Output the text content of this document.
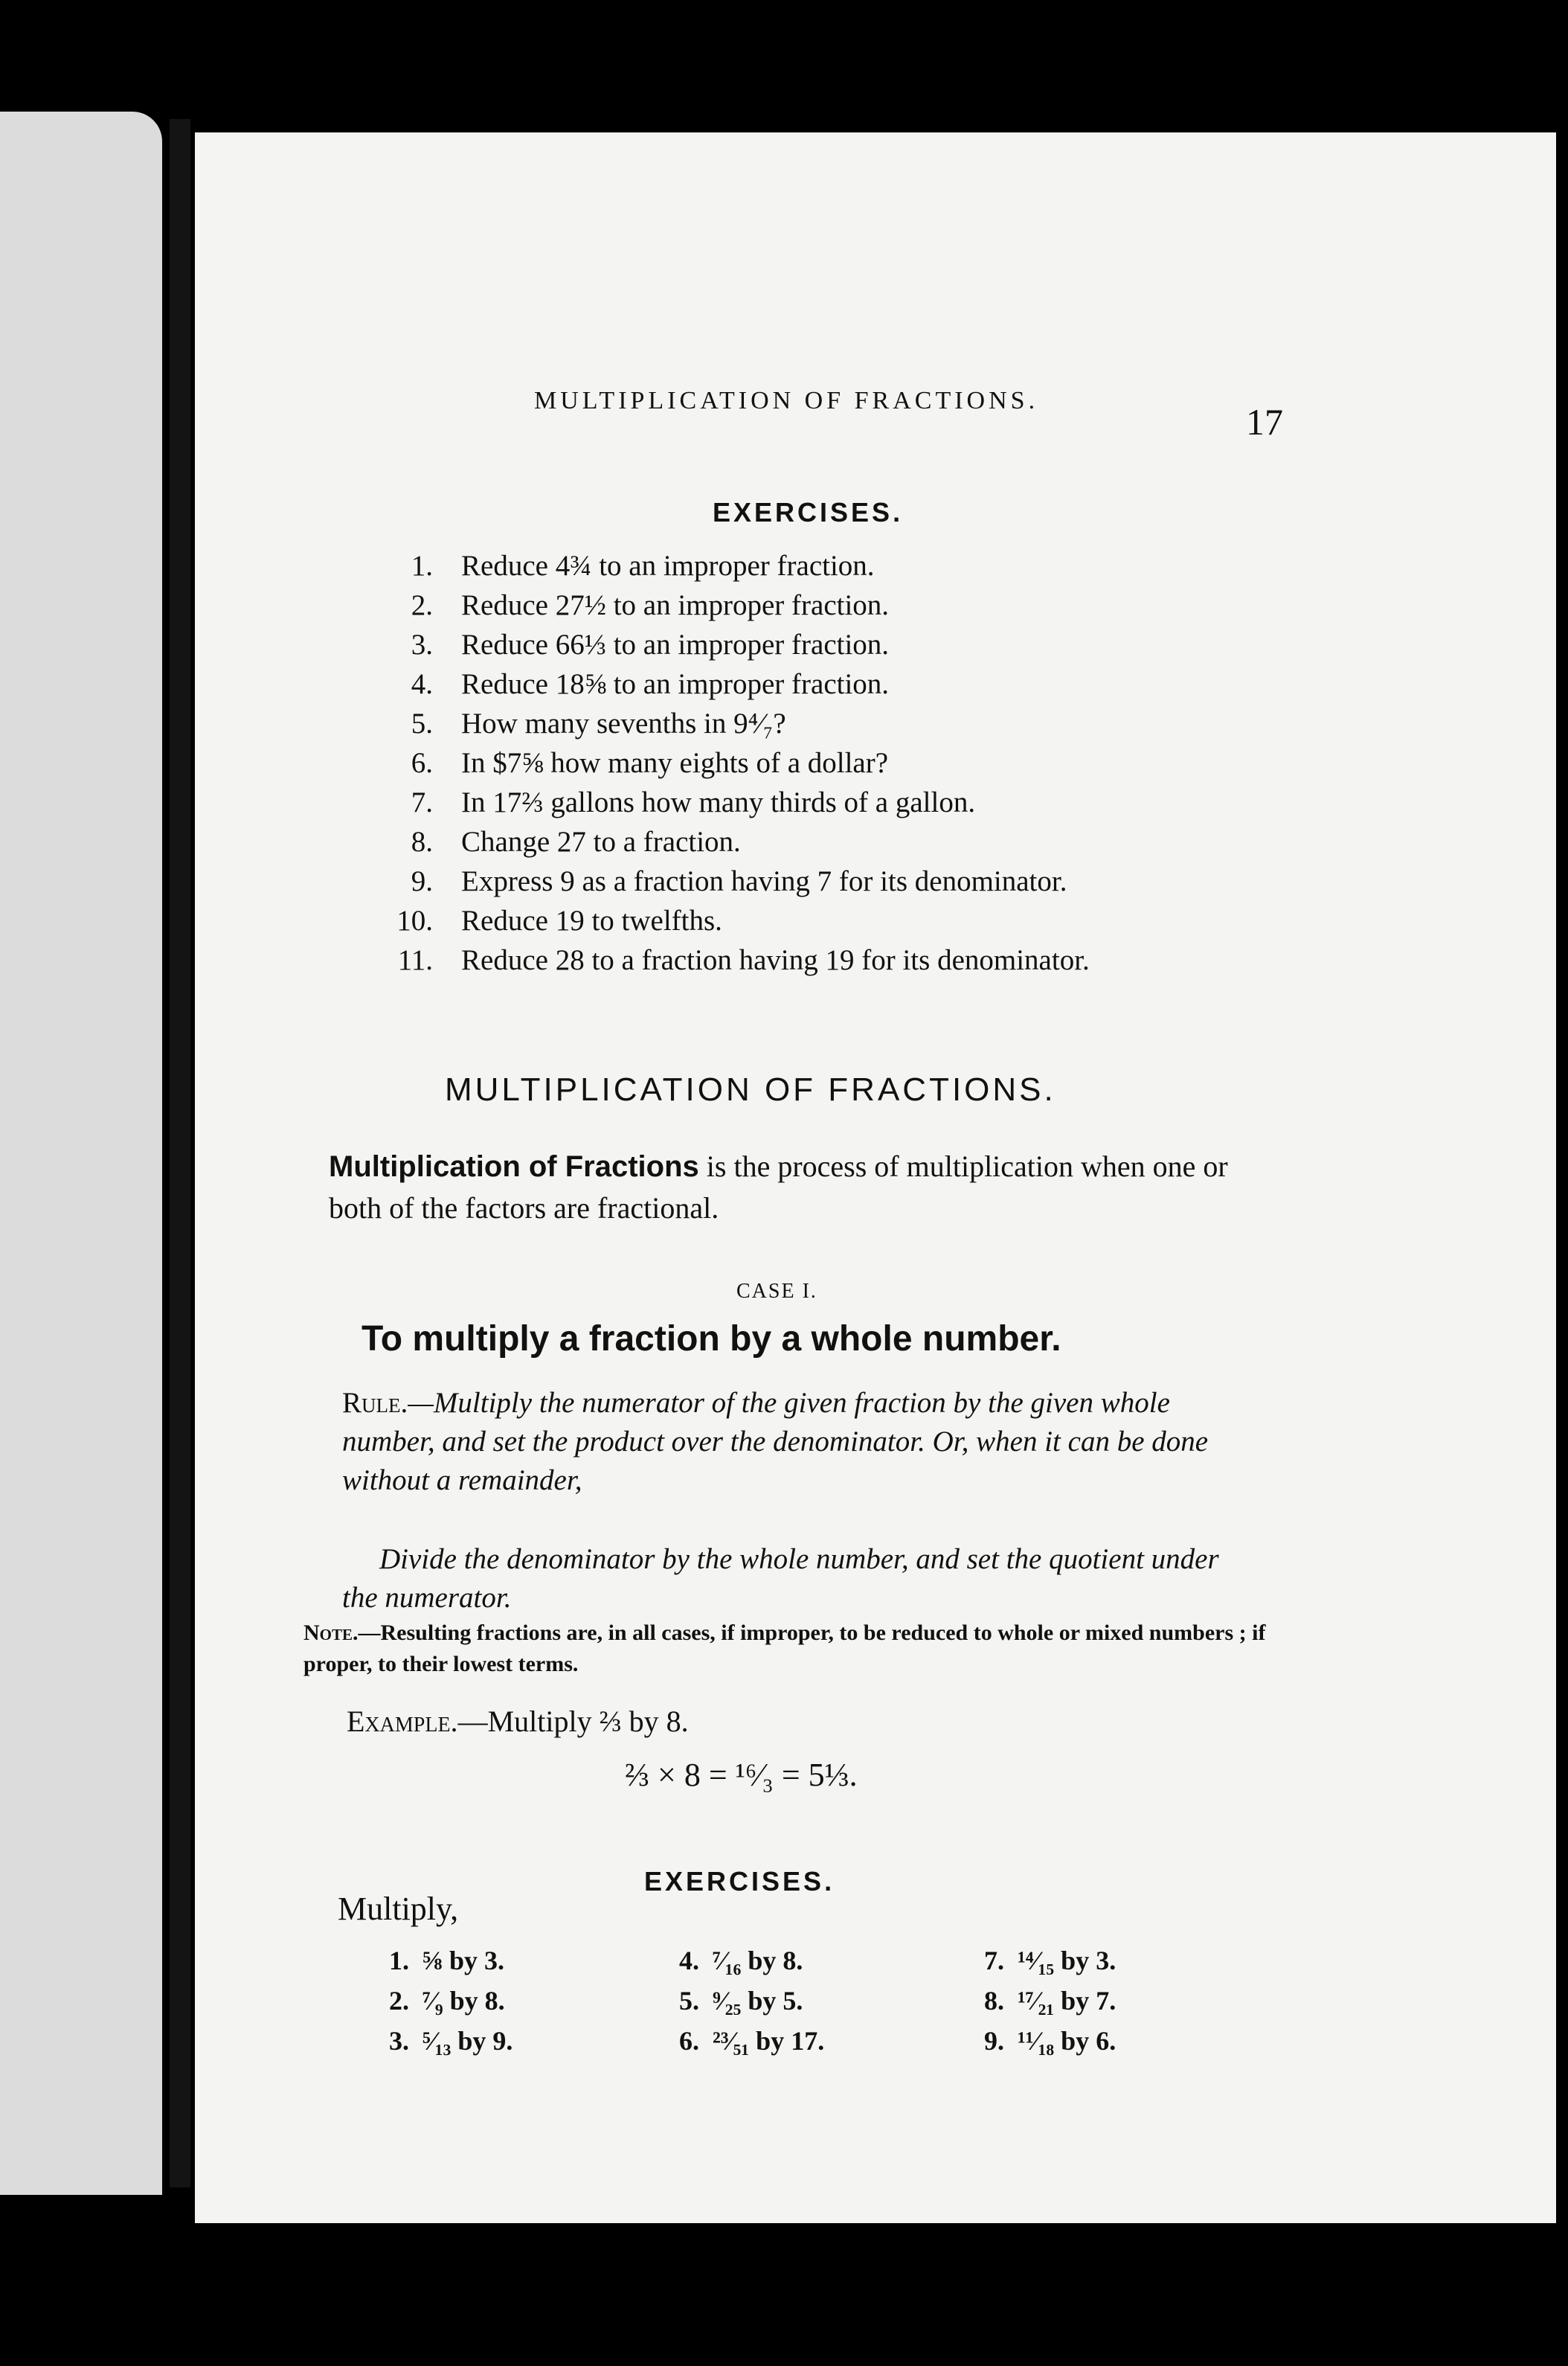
MULTIPLICATION OF FRACTIONS.
17
EXERCISES.
1. Reduce 4¾ to an improper fraction.
2. Reduce 27½ to an improper fraction.
3. Reduce 66⅓ to an improper fraction.
4. Reduce 18⅝ to an improper fraction.
5. How many sevenths in 9⁴⁄₇?
6. In $7⅝ how many eights of a dollar?
7. In 17⅔ gallons how many thirds of a gallon.
8. Change 27 to a fraction.
9. Express 9 as a fraction having 7 for its denominator.
10. Reduce 19 to twelfths.
11. Reduce 28 to a fraction having 19 for its denominator.
MULTIPLICATION OF FRACTIONS.
Multiplication of Fractions is the process of multiplication when one or both of the factors are fractional.
CASE I.
To multiply a fraction by a whole number.
Rule.—Multiply the numerator of the given fraction by the given whole number, and set the product over the denominator. Or, when it can be done without a remainder,
Divide the denominator by the whole number, and set the quotient under the numerator.
Note.—Resulting fractions are, in all cases, if improper, to be reduced to whole or mixed numbers ; if proper, to their lowest terms.
Example.—Multiply ⅔ by 8.
⅔ × 8 = ¹⁶⁄₃ = 5⅓.
EXERCISES.
Multiply,
1. ⅝ by 3.
2. ⁷⁄₉ by 8.
3. ⁵⁄₁₃ by 9.
4. ⁷⁄₁₆ by 8.
5. ⁹⁄₂₅ by 5.
6. ²³⁄₅₁ by 17.
7. ¹⁴⁄₁₅ by 3.
8. ¹⁷⁄₂₁ by 7.
9. ¹¹⁄₁₈ by 6.
